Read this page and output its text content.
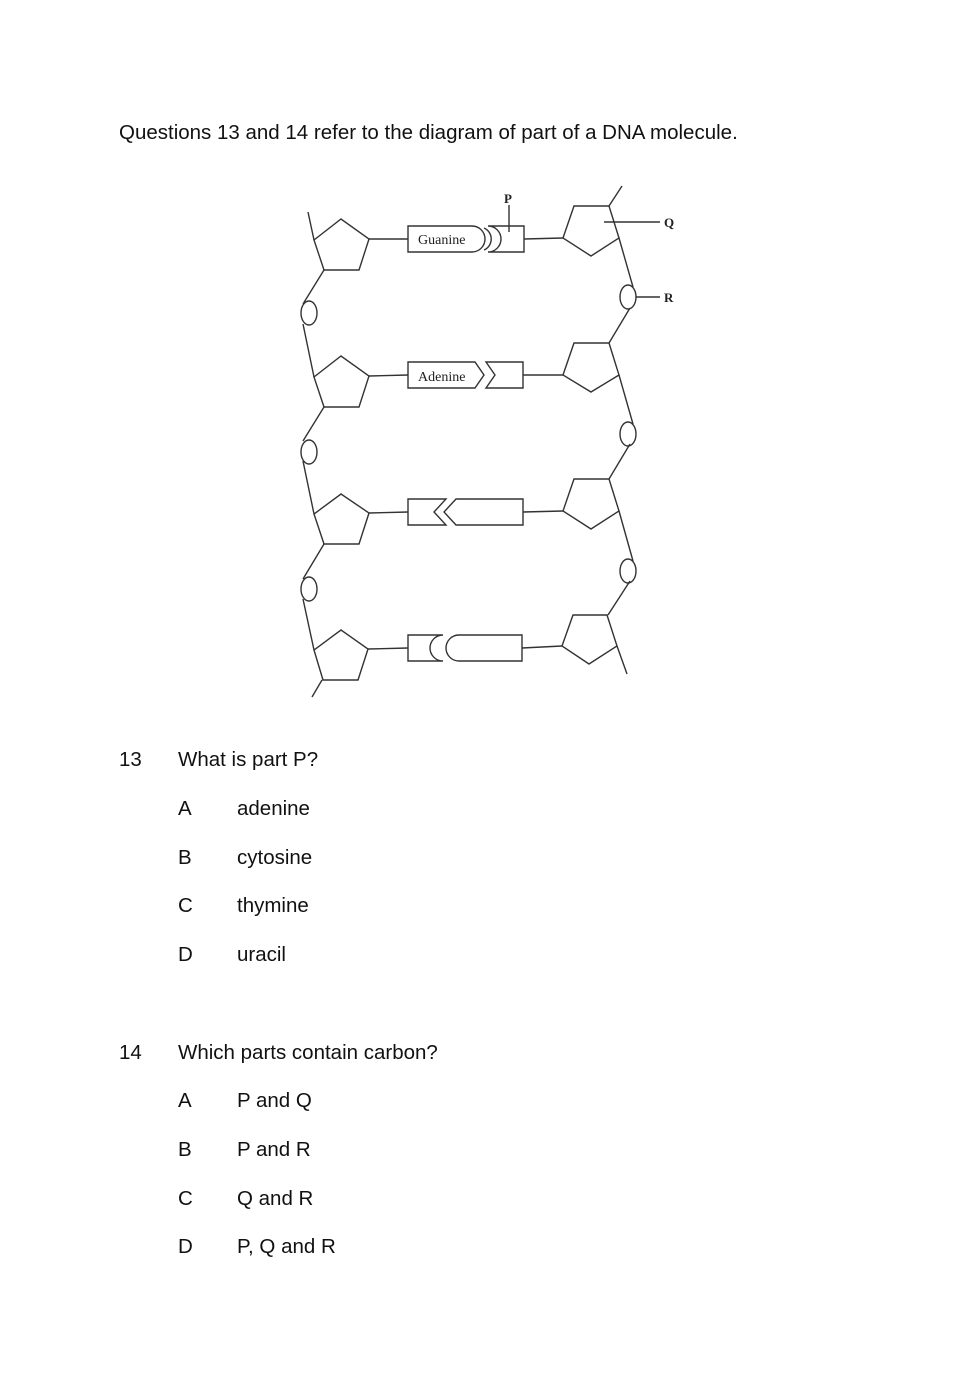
Questions 13 and 14 refer to the diagram of part of a DNA molecule.
Guanine
P
Adenine
Q
R
13 What is part P?
A adenine
B cytosine
C thymine
D uracil
14 Which parts contain carbon?
A P and Q
B P and R
C Q and R
D P, Q and R
